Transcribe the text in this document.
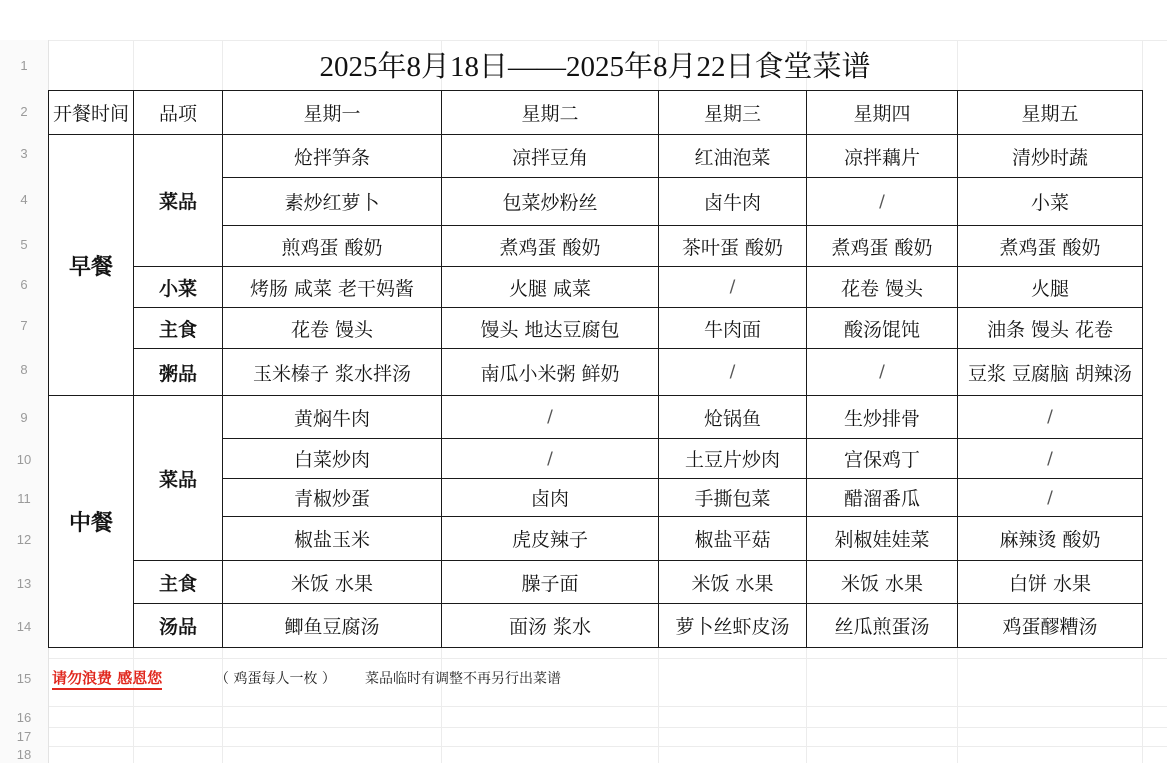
1
2
3
4
5
6
7
8
9
10
11
12
13
14
15
16
17
18
2025年8月18日——2025年8月22日食堂菜谱
开餐时间	品项	星期一	星期二	星期三	星期四	星期五
早餐	菜品	炝拌笋条	凉拌豆角	红油泡菜	凉拌藕片	清炒时蔬
		素炒红萝卜	包菜炒粉丝	卤牛肉	/	小菜
		煎鸡蛋 酸奶	煮鸡蛋 酸奶	茶叶蛋 酸奶	煮鸡蛋 酸奶	煮鸡蛋 酸奶
	小菜	烤肠 咸菜 老干妈酱	火腿 咸菜	/	花卷 馒头	火腿
	主食	花卷 馒头	馒头 地达豆腐包	牛肉面	酸汤馄饨	油条 馒头 花卷
	粥品	玉米榛子 浆水拌汤	南瓜小米粥 鲜奶	/	/	豆浆 豆腐脑 胡辣汤
中餐	菜品	黄焖牛肉	/	炝锅鱼	生炒排骨	/
		白菜炒肉	/	土豆片炒肉	宫保鸡丁	/
		青椒炒蛋	卤肉	手撕包菜	醋溜番瓜	/
		椒盐玉米	虎皮辣子	椒盐平菇	剁椒娃娃菜	麻辣烫 酸奶
	主食	米饭 水果	臊子面	米饭 水果	米饭 水果	白饼 水果
	汤品	鲫鱼豆腐汤	面汤 浆水	萝卜丝虾皮汤	丝瓜煎蛋汤	鸡蛋醪糟汤
请勿浪费 感恩您	（ 鸡蛋每人一枚 ） 菜品临时有调整不再另行出菜谱
